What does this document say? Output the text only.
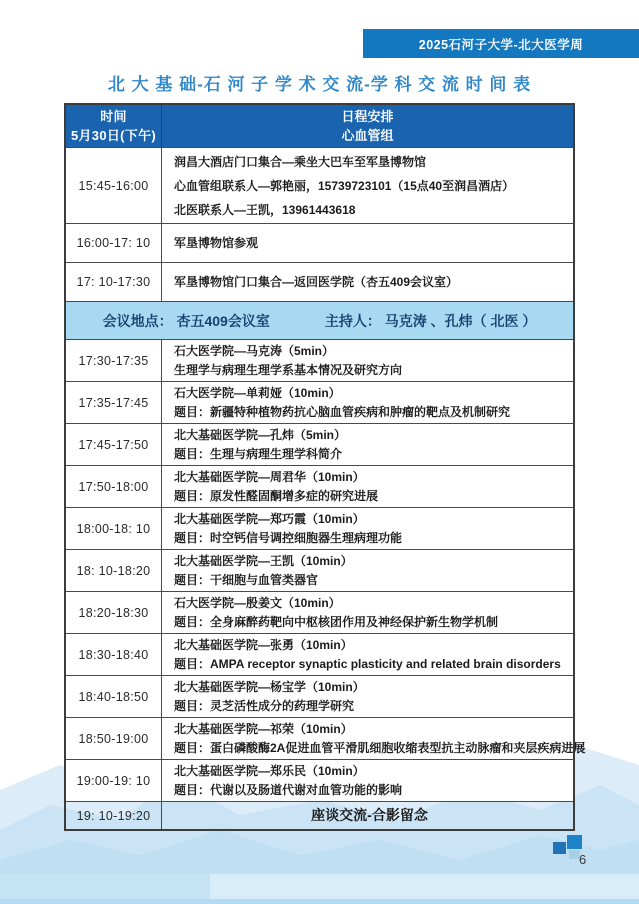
2025石河子大学-北大医学周
北 大 基 础-石 河 子 学 术 交 流-学 科 交 流 时 间 表
时间
5月30日(下午)
日程安排
心血管组
15:45-16:00
润昌大酒店门口集合—乘坐大巴车至军垦博物馆
心血管组联系人—郭艳丽，15739723101（15点40至润昌酒店）
北医联系人—王凯，13961443618
16:00-17: 10	军垦博物馆参观
17: 10-17:30	军垦博物馆门口集合—返回医学院（杏五409会议室）
会议地点： 杏五409会议室	主持人： 马克涛 、孔炜（ 北医 ）
17:30-17:35
石大医学院—马克涛（5min）
生理学与病理生理学系基本情况及研究方向
17:35-17:45
石大医学院—单莉娅（10min）
题目：新疆特种植物药抗心脑血管疾病和肿瘤的靶点及机制研究
17:45-17:50
北大基础医学院—孔炜（5min）
题目：生理与病理生理学科简介
17:50-18:00
北大基础医学院—周君华（10min）
题目：原发性醛固酮增多症的研究进展
18:00-18: 10
北大基础医学院—郑巧霞（10min）
题目：时空钙信号调控细胞器生理病理功能
18: 10-18:20
北大基础医学院—王凯（10min）
题目：干细胞与血管类器官
18:20-18:30
石大医学院—殷姜文（10min）
题目：全身麻醉药靶向中枢核团作用及神经保护新生物学机制
18:30-18:40
北大基础医学院—张勇（10min）
题目：AMPA receptor synaptic plasticity and related brain disorders
18:40-18:50
北大基础医学院—杨宝学（10min）
题目：灵芝活性成分的药理学研究
18:50-19:00
北大基础医学院—祁荣（10min）
题目：蛋白磷酸酶2A促进血管平滑肌细胞收缩表型抗主动脉瘤和夹层疾病进展
19:00-19: 10
北大基础医学院—郑乐民（10min）
题目：代谢以及肠道代谢对血管功能的影响
19: 10-19:20	座谈交流-合影留念
6
